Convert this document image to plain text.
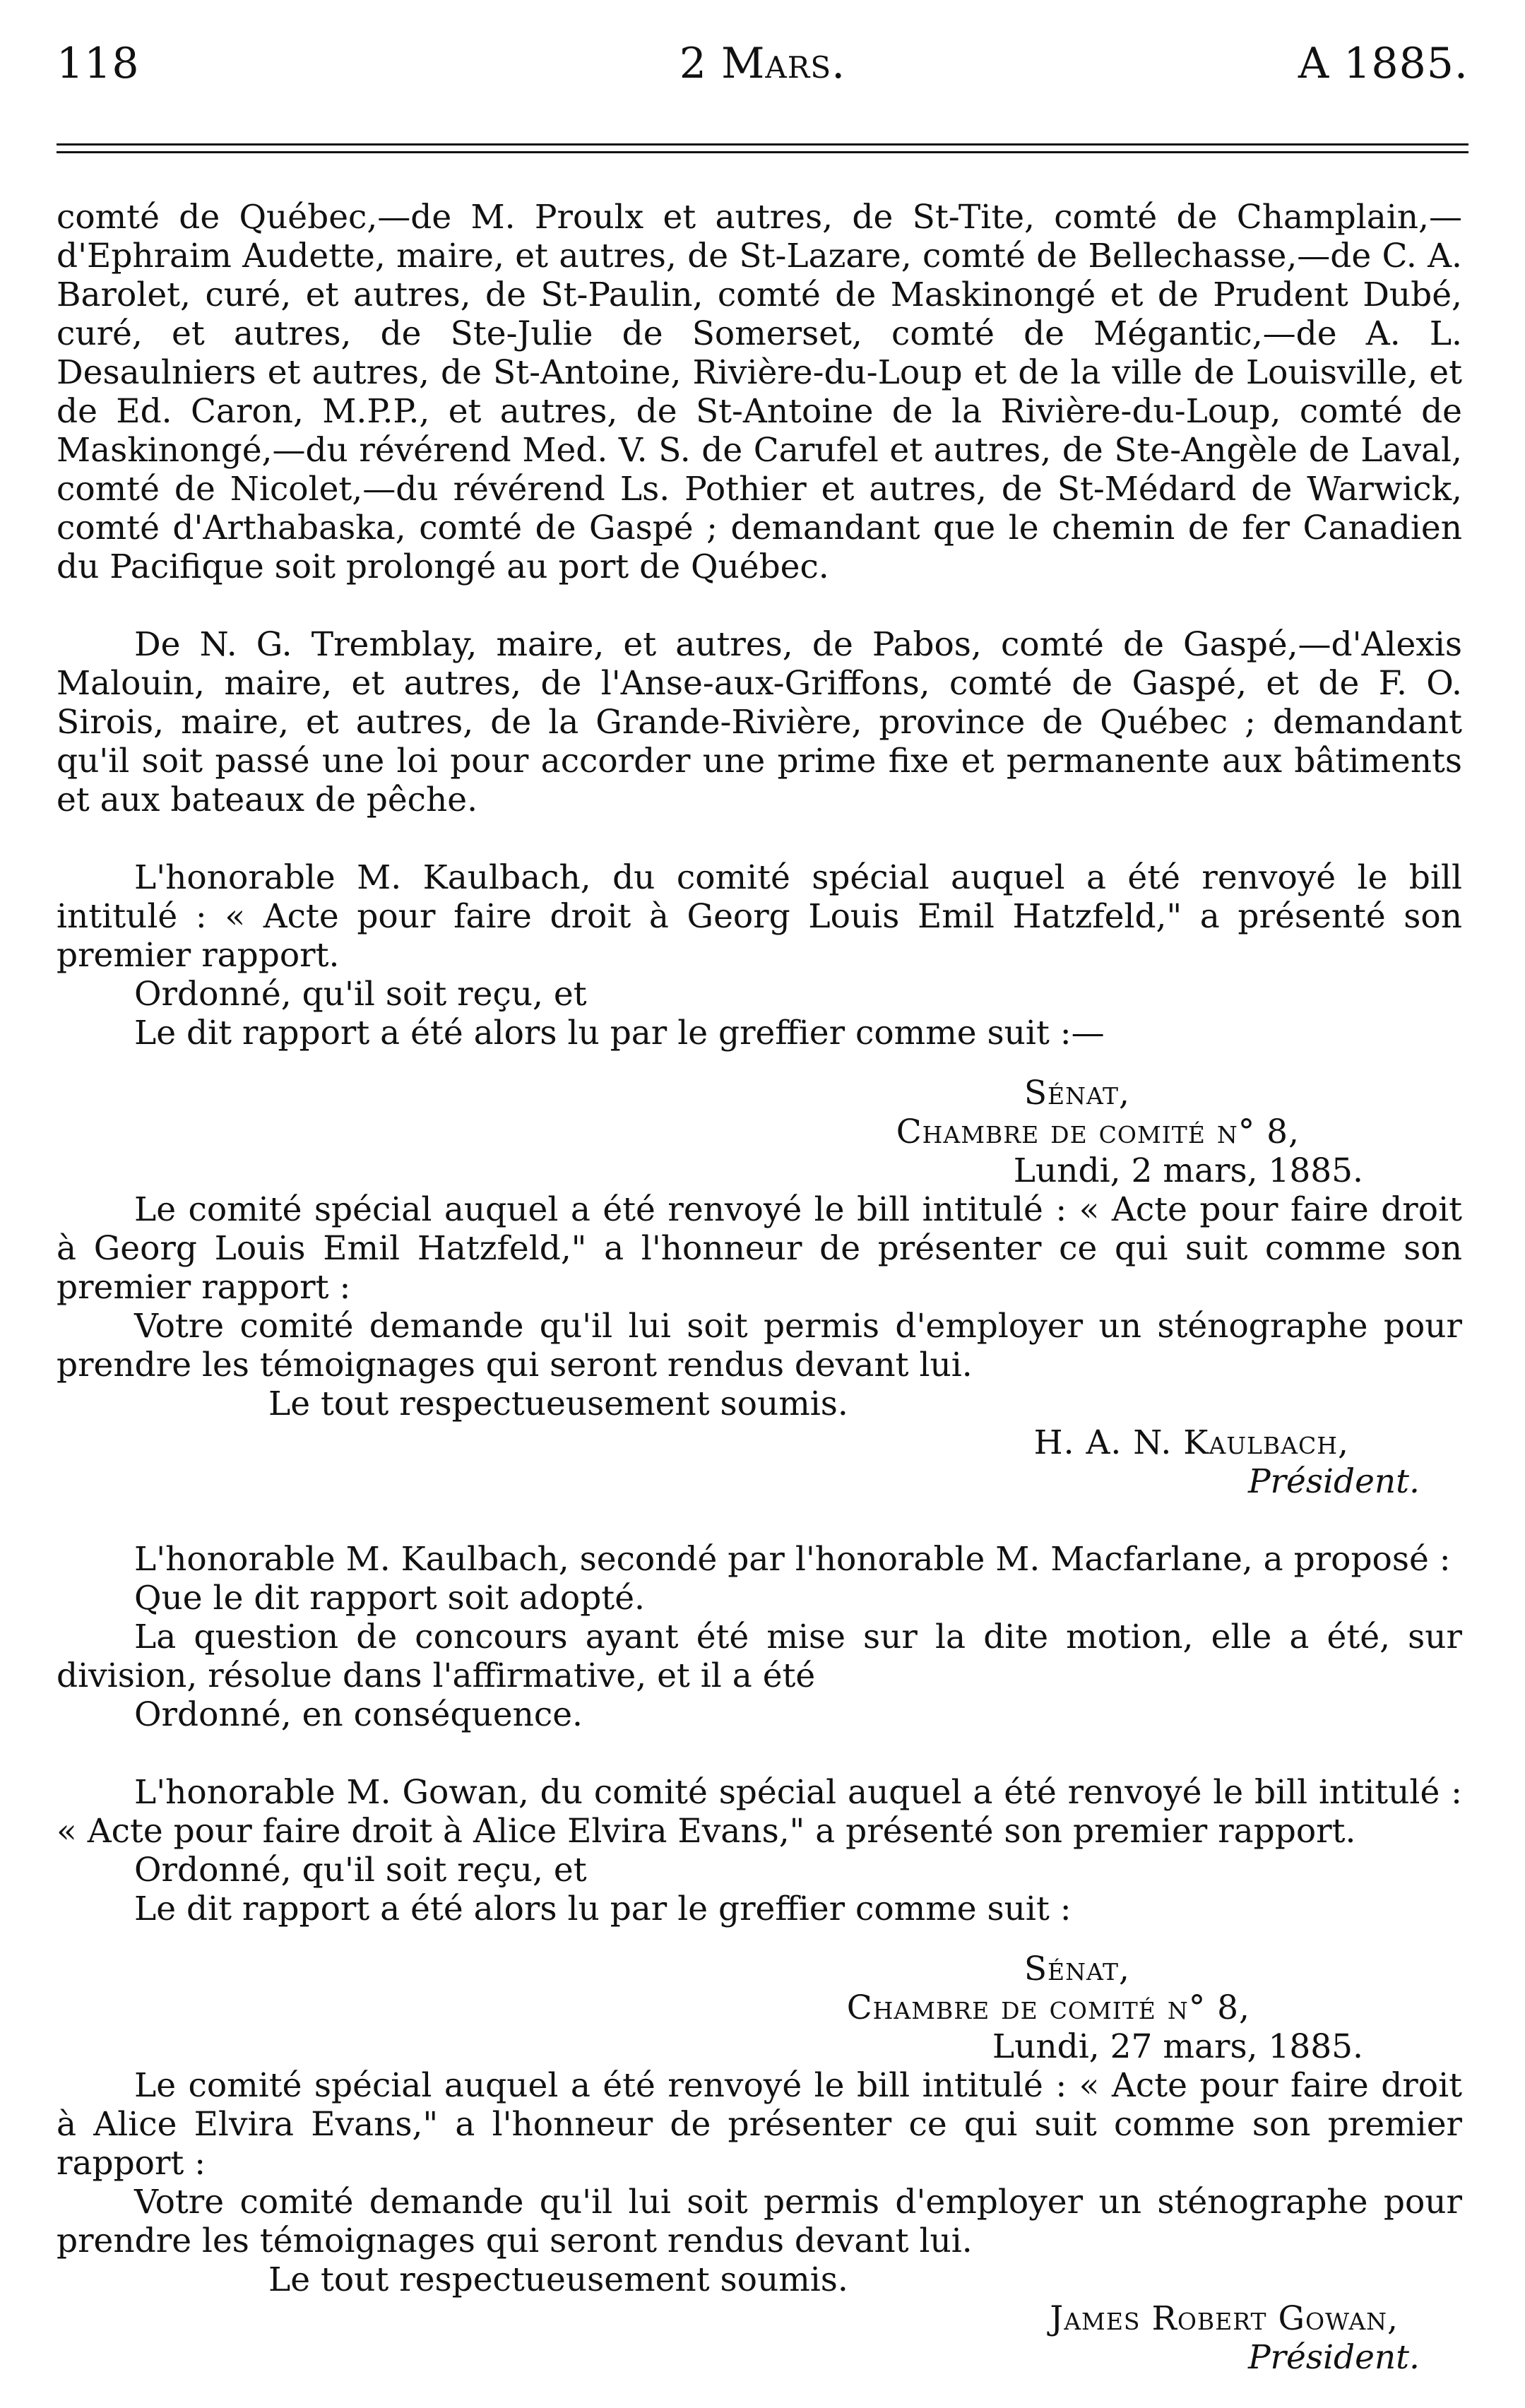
118	2 Mars.	A 1885.

comté de Québec,—de M. Proulx et autres, de St-Tite, comté de Champlain,—d'Ephraim Audette, maire, et autres, de St-Lazare, comté de Bellechasse,—de C. A. Barolet, curé, et autres, de St-Paulin, comté de Maskinongé et de Prudent Dubé, curé, et autres, de Ste-Julie de Somerset, comté de Mégantic,—de A. L. Desaulniers et autres, de St-Antoine, Rivière-du-Loup et de la ville de Louisville, et de Ed. Caron, M.P.P., et autres, de St-Antoine de la Rivière-du-Loup, comté de Maskinongé,—du révérend Med. V. S. de Carufel et autres, de Ste-Angèle de Laval, comté de Nicolet,—du révérend Ls. Pothier et autres, de St-Médard de Warwick, comté d'Arthabaska, comté de Gaspé ; demandant que le chemin de fer Canadien du Pacifique soit prolongé au port de Québec.

De N. G. Tremblay, maire, et autres, de Pabos, comté de Gaspé,—d'Alexis Malouin, maire, et autres, de l'Anse-aux-Griffons, comté de Gaspé, et de F. O. Sirois, maire, et autres, de la Grande-Rivière, province de Québec ; demandant qu'il soit passé une loi pour accorder une prime fixe et permanente aux bâtiments et aux bateaux de pêche.

L'honorable M. Kaulbach, du comité spécial auquel a été renvoyé le bill intitulé : « Acte pour faire droit à Georg Louis Emil Hatzfeld," a présenté son premier rapport.

Ordonné, qu'il soit reçu, et

Le dit rapport a été alors lu par le greffier comme suit :—

Sénat,

Chambre de comité n° 8,

Lundi, 2 mars, 1885.

Le comité spécial auquel a été renvoyé le bill intitulé : « Acte pour faire droit à Georg Louis Emil Hatzfeld," a l'honneur de présenter ce qui suit comme son premier rapport :

Votre comité demande qu'il lui soit permis d'employer un sténographe pour prendre les témoignages qui seront rendus devant lui.

Le tout respectueusement soumis.

H. A. N. Kaulbach,

Président.

L'honorable M. Kaulbach, secondé par l'honorable M. Macfarlane, a proposé :

Que le dit rapport soit adopté.

La question de concours ayant été mise sur la dite motion, elle a été, sur division, résolue dans l'affirmative, et il a été

Ordonné, en conséquence.

L'honorable M. Gowan, du comité spécial auquel a été renvoyé le bill intitulé : « Acte pour faire droit à Alice Elvira Evans," a présenté son premier rapport.

Ordonné, qu'il soit reçu, et

Le dit rapport a été alors lu par le greffier comme suit :

Sénat,

Chambre de comité n° 8,

Lundi, 27 mars, 1885.

Le comité spécial auquel a été renvoyé le bill intitulé : « Acte pour faire droit à Alice Elvira Evans," a l'honneur de présenter ce qui suit comme son premier rapport :

Votre comité demande qu'il lui soit permis d'employer un sténographe pour prendre les témoignages qui seront rendus devant lui.

Le tout respectueusement soumis.

James Robert Gowan,

Président.
